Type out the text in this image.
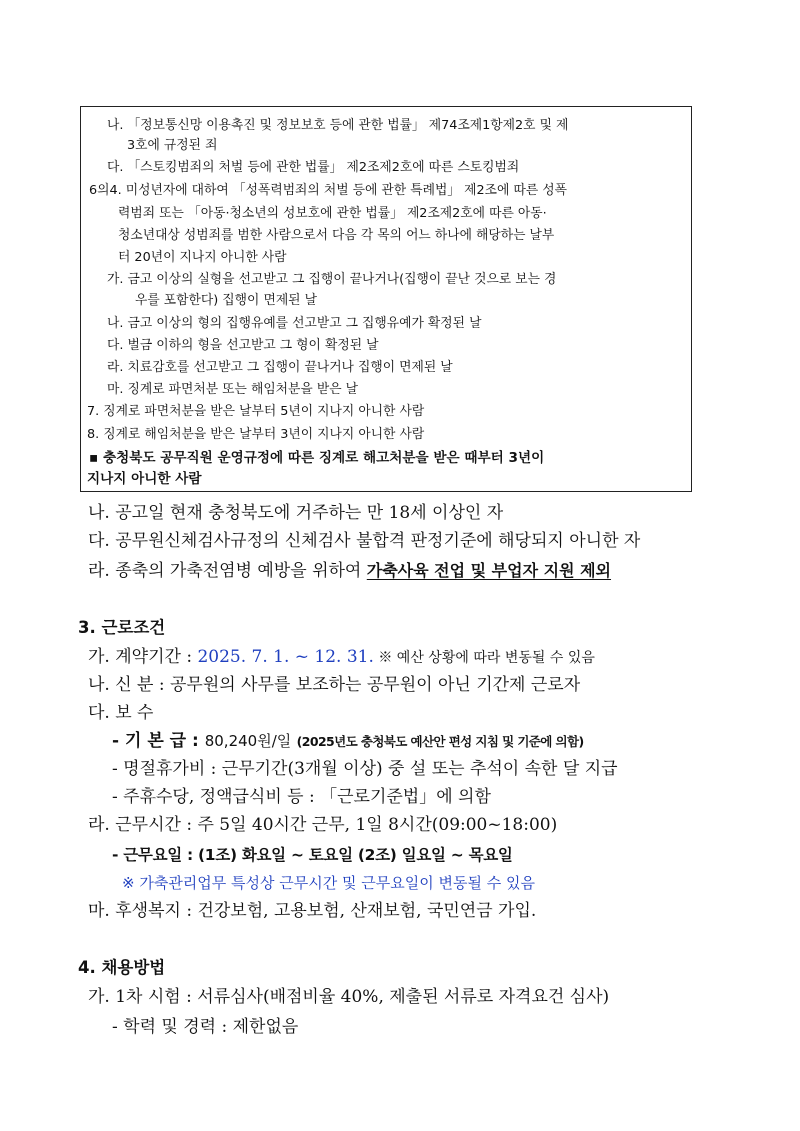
나. 「정보통신망 이용촉진 및 정보보호 등에 관한 법률」 제74조제1항제2호 및 제
3호에 규정된 죄
다. 「스토킹범죄의 처벌 등에 관한 법률」 제2조제2호에 따른 스토킹범죄
6의4. 미성년자에 대하여 「성폭력범죄의 처벌 등에 관한 특례법」 제2조에 따른 성폭
력범죄 또는 「아동·청소년의 성보호에 관한 법률」 제2조제2호에 따른 아동·
청소년대상 성범죄를 범한 사람으로서 다음 각 목의 어느 하나에 해당하는 날부
터 20년이 지나지 아니한 사람
가. 금고 이상의 실형을 선고받고 그 집행이 끝나거나(집행이 끝난 것으로 보는 경
우를 포함한다) 집행이 면제된 날
나. 금고 이상의 형의 집행유예를 선고받고 그 집행유예가 확정된 날
다. 벌금 이하의 형을 선고받고 그 형이 확정된 날
라. 치료감호를 선고받고 그 집행이 끝나거나 집행이 면제된 날
마. 징계로 파면처분 또는 해임처분을 받은 날
7. 징계로 파면처분을 받은 날부터 5년이 지나지 아니한 사람
8. 징계로 해임처분을 받은 날부터 3년이 지나지 아니한 사람
▪ 충청북도 공무직원 운영규정에 따른 징계로 해고처분을 받은 때부터 3년이
지나지 아니한 사람
나. 공고일 현재 충청북도에 거주하는 만 18세 이상인 자
다. 공무원신체검사규정의 신체검사 불합격 판정기준에 해당되지 아니한 자
라. 종축의 가축전염병 예방을 위하여 가축사육 전업 및 부업자 지원 제외
3. 근로조건
가. 계약기간 : 2025. 7. 1. ~ 12. 31. ※ 예산 상황에 따라 변동될 수 있음
나. 신 분 : 공무원의 사무를 보조하는 공무원이 아닌 기간제 근로자
다. 보 수
- 기 본 급 : 80,240원/일 (2025년도 충청북도 예산안 편성 지침 및 기준에 의함)
- 명절휴가비 : 근무기간(3개월 이상) 중 설 또는 추석이 속한 달 지급
- 주휴수당, 정액급식비 등 : 「근로기준법」에 의함
라. 근무시간 : 주 5일 40시간 근무, 1일 8시간(09:00~18:00)
- 근무요일 : (1조) 화요일 ~ 토요일 (2조) 일요일 ~ 목요일
※ 가축관리업무 특성상 근무시간 및 근무요일이 변동될 수 있음
마. 후생복지 : 건강보험, 고용보험, 산재보험, 국민연금 가입.
4. 채용방법
가. 1차 시험 : 서류심사(배점비율 40%, 제출된 서류로 자격요건 심사)
- 학력 및 경력 : 제한없음
